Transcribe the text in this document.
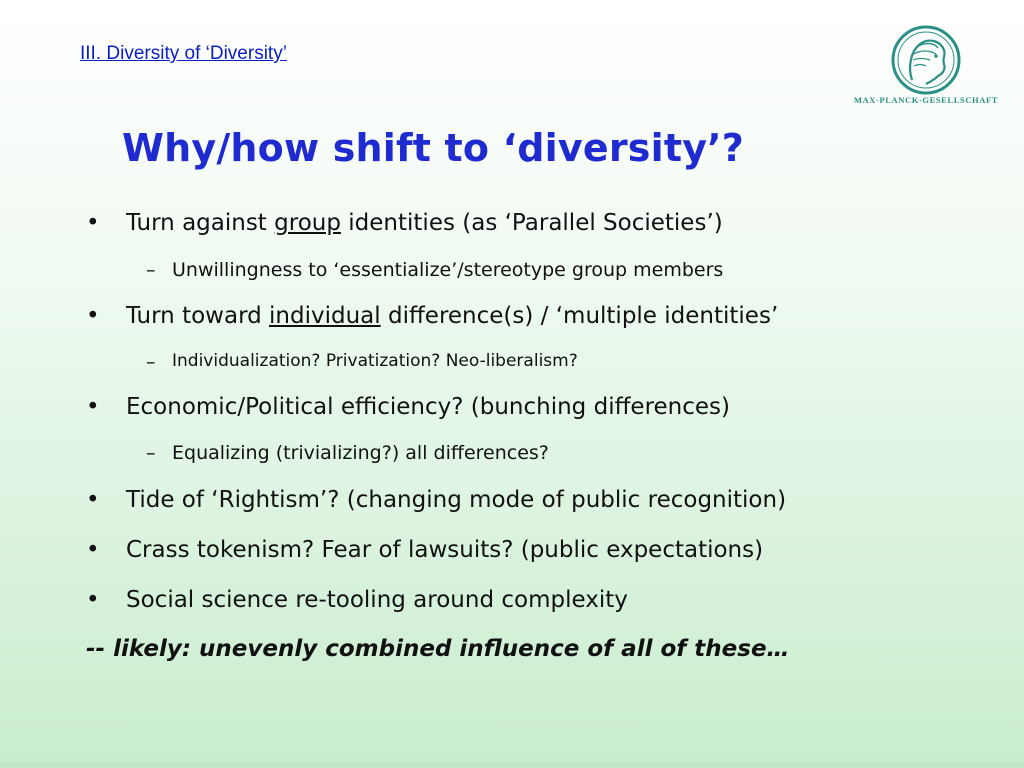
III. Diversity of ‘Diversity’
MAX-PLANCK-GESELLSCHAFT
Why/how shift to ‘diversity’?
• Turn against group identities (as ‘Parallel Societies’)
– Unwillingness to ‘essentialize’/stereotype group members
• Turn toward individual difference(s) / ‘multiple identities’
– Individualization? Privatization? Neo-liberalism?
• Economic/Political efficiency? (bunching differences)
– Equalizing (trivializing?) all differences?
• Tide of ‘Rightism’? (changing mode of public recognition)
• Crass tokenism? Fear of lawsuits? (public expectations)
• Social science re-tooling around complexity
-- likely: unevenly combined influence of all of these…
